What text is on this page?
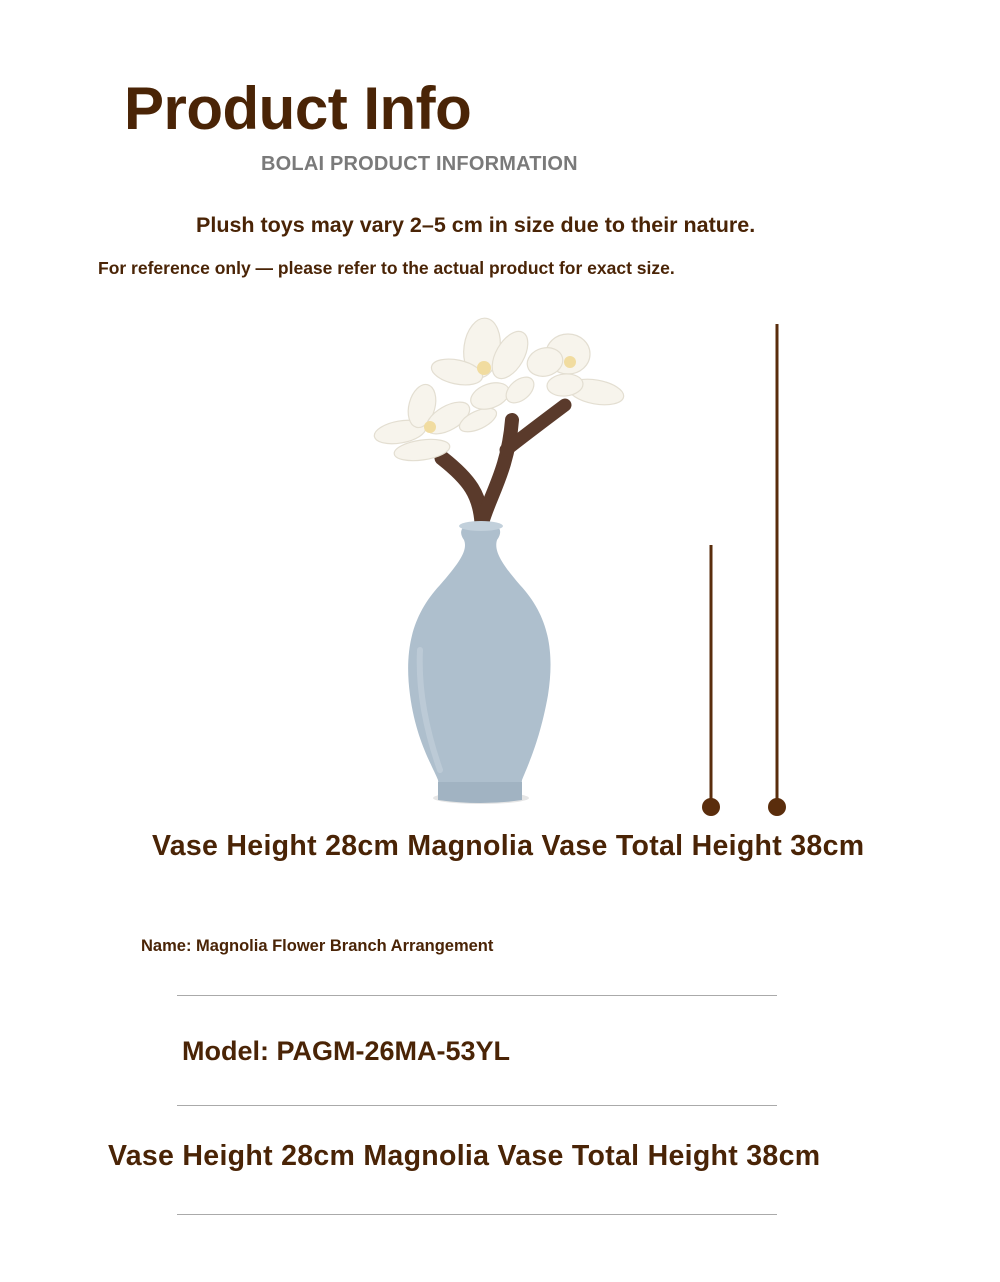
Product Info
BOLAI PRODUCT INFORMATION
Plush toys may vary 2–5 cm in size due to their nature.
For reference only — please refer to the actual product for exact size.
Vase Height 28cm Magnolia Vase Total Height 38cm
Name: Magnolia Flower Branch Arrangement
Model: PAGM-26MA-53YL
Vase Height 28cm Magnolia Vase Total Height 38cm
